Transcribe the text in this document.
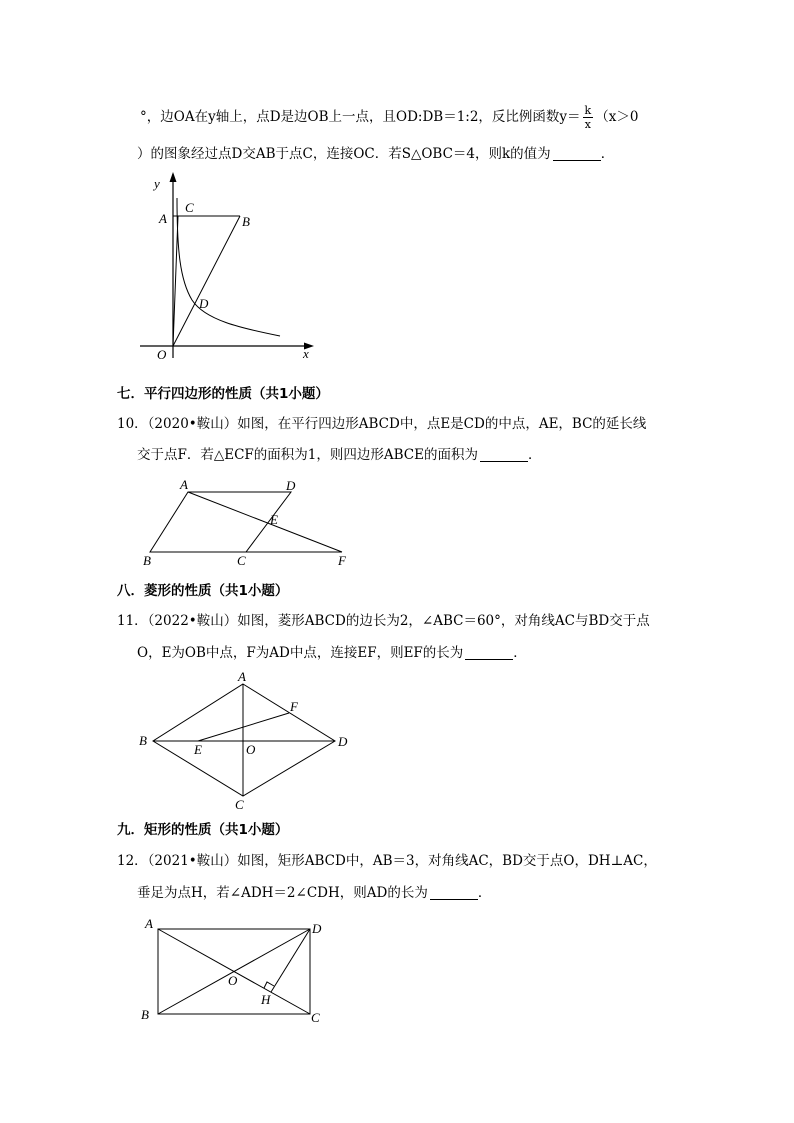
°，边OA在y轴上，点D是边OB上一点，且OD:DB＝1:2，反比例函数$y= \frac{k}{x} (x>0$
）的图象经过点D交AB于点C，连接OC．若S△OBC＝4，则k的值为	．
y
A
C
B
D
O	x
七．平行四边形的性质（共1小题）
10．（2020•鞍山）如图，在平行四边形ABCD中，点E是CD的中点，AE，BC的延长线
交于点F．若△ECF的面积为1，则四边形ABCE的面积为	．
A	D
E
B	C	F
八．菱形的性质（共1小题）
11．（2022•鞍山）如图，菱形ABCD的边长为2，∠ABC＝60°，对角线AC与BD交于点
O，E为OB中点，F为AD中点，连接EF，则EF的长为	．
A
F
B
E	O
D
C
九．矩形的性质（共1小题）
12．（2021•鞍山）如图，矩形ABCD中，AB＝3，对角线AC，BD交于点O，DH⊥AC，
垂足为点H，若∠ADH＝2∠CDH，则AD的长为	．
A	D
O
H
B	C
